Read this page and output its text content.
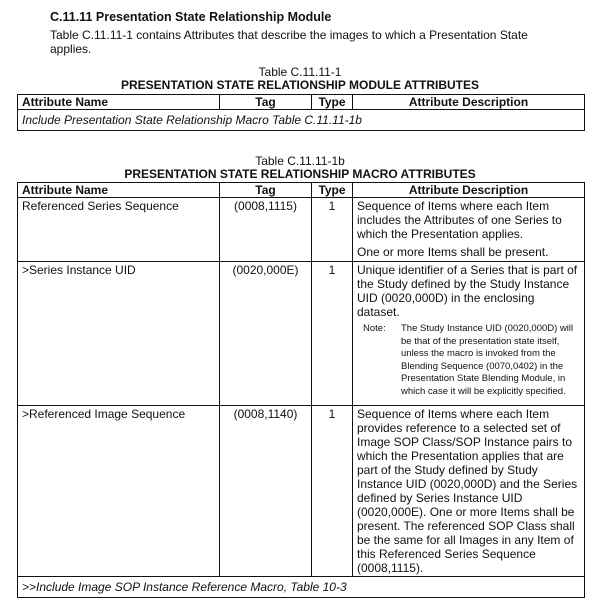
C.11.11 Presentation State Relationship Module
Table C.11.11-1 contains Attributes that describe the images to which a Presentation State applies.
Table C.11.11-1
PRESENTATION STATE RELATIONSHIP MODULE ATTRIBUTES
Attribute Name	Tag	Type	Attribute Description
Include Presentation State Relationship Macro Table C.11.11-1b
Table C.11.11-1b
PRESENTATION STATE RELATIONSHIP MACRO ATTRIBUTES
Attribute Name	Tag	Type	Attribute Description
Referenced Series Sequence	(0008,1115)	1	Sequence of Items where each Item includes the Attributes of one Series to which the Presentation applies.

One or more Items shall be present.

>Series Instance UID	(0020,000E)	1	Unique identifier of a Series that is part of the Study defined by the Study Instance UID (0020,000D) in the enclosing dataset.

Note: The Study Instance UID (0020,000D) will be that of the presentation state itself, unless the macro is invoked from the Blending Sequence (0070,0402) in the Presentation State Blending Module, in which case it will be explicitly specified.

>Referenced Image Sequence	(0008,1140)	1	Sequence of Items where each Item provides reference to a selected set of Image SOP Class/SOP Instance pairs to which the Presentation applies that are part of the Study defined by Study Instance UID (0020,000D) and the Series defined by Series Instance UID (0020,000E). One or more Items shall be present. The referenced SOP Class shall be the same for all Images in any Item of this Referenced Series Sequence (0008,1115).

>>Include Image SOP Instance Reference Macro, Table 10-3			
